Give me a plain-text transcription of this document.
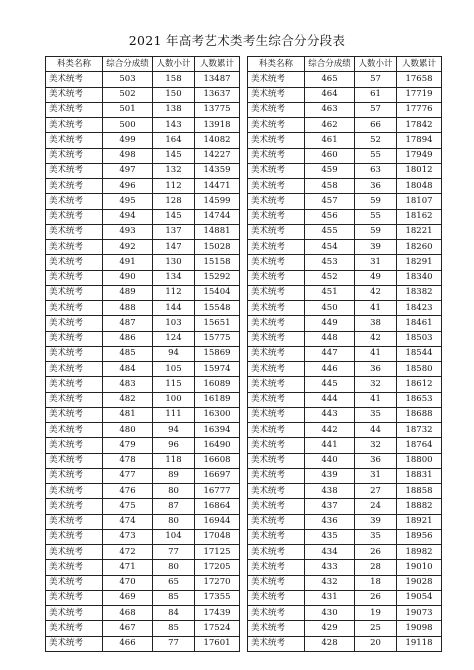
2021 年高考艺术类考生综合分分段表
科类名称	综合分成绩	人数小计	人数累计
美术统考	503	158	13487
美术统考	502	150	13637
美术统考	501	138	13775
美术统考	500	143	13918
美术统考	499	164	14082
美术统考	498	145	14227
美术统考	497	132	14359
美术统考	496	112	14471
美术统考	495	128	14599
美术统考	494	145	14744
美术统考	493	137	14881
美术统考	492	147	15028
美术统考	491	130	15158
美术统考	490	134	15292
美术统考	489	112	15404
美术统考	488	144	15548
美术统考	487	103	15651
美术统考	486	124	15775
美术统考	485	94	15869
美术统考	484	105	15974
美术统考	483	115	16089
美术统考	482	100	16189
美术统考	481	111	16300
美术统考	480	94	16394
美术统考	479	96	16490
美术统考	478	118	16608
美术统考	477	89	16697
美术统考	476	80	16777
美术统考	475	87	16864
美术统考	474	80	16944
美术统考	473	104	17048
美术统考	472	77	17125
美术统考	471	80	17205
美术统考	470	65	17270
美术统考	469	85	17355
美术统考	468	84	17439
美术统考	467	85	17524
美术统考	466	77	17601
科类名称	综合分成绩	人数小计	人数累计
美术统考	465	57	17658
美术统考	464	61	17719
美术统考	463	57	17776
美术统考	462	66	17842
美术统考	461	52	17894
美术统考	460	55	17949
美术统考	459	63	18012
美术统考	458	36	18048
美术统考	457	59	18107
美术统考	456	55	18162
美术统考	455	59	18221
美术统考	454	39	18260
美术统考	453	31	18291
美术统考	452	49	18340
美术统考	451	42	18382
美术统考	450	41	18423
美术统考	449	38	18461
美术统考	448	42	18503
美术统考	447	41	18544
美术统考	446	36	18580
美术统考	445	32	18612
美术统考	444	41	18653
美术统考	443	35	18688
美术统考	442	44	18732
美术统考	441	32	18764
美术统考	440	36	18800
美术统考	439	31	18831
美术统考	438	27	18858
美术统考	437	24	18882
美术统考	436	39	18921
美术统考	435	35	18956
美术统考	434	26	18982
美术统考	433	28	19010
美术统考	432	18	19028
美术统考	431	26	19054
美术统考	430	19	19073
美术统考	429	25	19098
美术统考	428	20	19118
